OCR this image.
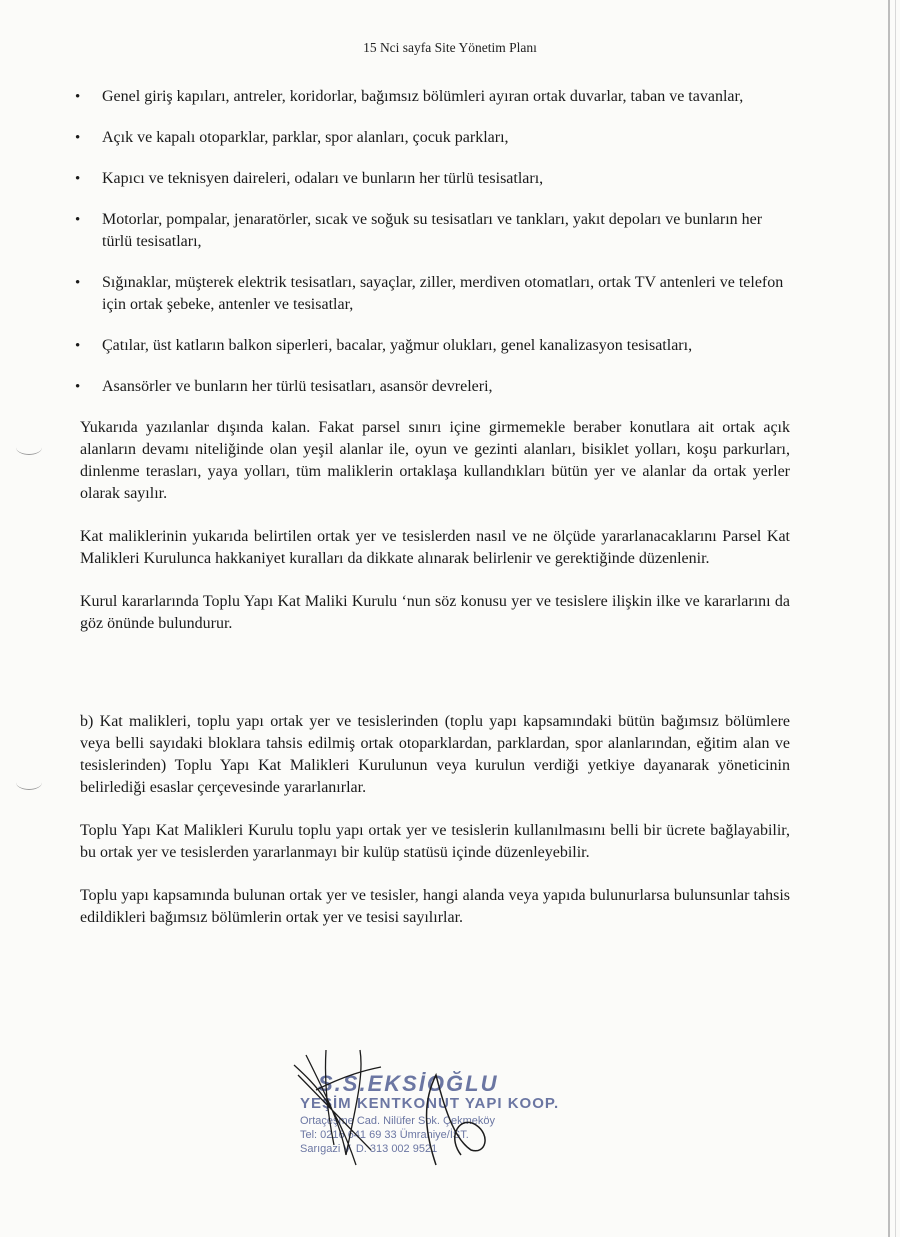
15 Nci sayfa Site Yönetim Planı
• Genel giriş kapıları, antreler, koridorlar, bağımsız bölümleri ayıran ortak duvarlar, taban ve tavanlar,
• Açık ve kapalı otoparklar, parklar, spor alanları, çocuk parkları,
• Kapıcı ve teknisyen daireleri, odaları ve bunların her türlü tesisatları,
• Motorlar, pompalar, jenaratörler, sıcak ve soğuk su tesisatları ve tankları, yakıt depoları ve bunların her türlü tesisatları,
• Sığınaklar, müşterek elektrik tesisatları, sayaçlar, ziller, merdiven otomatları, ortak TV antenleri ve telefon için ortak şebeke, antenler ve tesisatlar,
• Çatılar, üst katların balkon siperleri, bacalar, yağmur olukları, genel kanalizasyon tesisatları,
• Asansörler ve bunların her türlü tesisatları, asansör devreleri,

Yukarıda yazılanlar dışında kalan. Fakat parsel sınırı içine girmemekle beraber konutlara ait ortak açık alanların devamı niteliğinde olan yeşil alanlar ile, oyun ve gezinti alanları, bisiklet yolları, koşu parkurları, dinlenme terasları, yaya yolları, tüm maliklerin ortaklaşa kullandıkları bütün yer ve alanlar da ortak yerler olarak sayılır.

Kat maliklerinin yukarıda belirtilen ortak yer ve tesislerden nasıl ve ne ölçüde yararlanacaklarını Parsel Kat Malikleri Kurulunca hakkaniyet kuralları da dikkate alınarak belirlenir ve gerektiğinde düzenlenir.

Kurul kararlarında Toplu Yapı Kat Maliki Kurulu ‘nun söz konusu yer ve tesislere ilişkin ilke ve kararlarını da göz önünde bulundurur.

b) Kat malikleri, toplu yapı ortak yer ve tesislerinden (toplu yapı kapsamındaki bütün bağımsız bölümlere veya belli sayıdaki bloklara tahsis edilmiş ortak otoparklardan, parklardan, spor alanlarından, eğitim alan ve tesislerinden) Toplu Yapı Kat Malikleri Kurulunun veya kurulun verdiği yetkiye dayanarak yöneticinin belirlediği esaslar çerçevesinde yararlanırlar.

Toplu Yapı Kat Malikleri Kurulu toplu yapı ortak yer ve tesislerin kullanılmasını belli bir ücrete bağlayabilir, bu ortak yer ve tesislerden yararlanmayı bir kulüp statüsü içinde düzenleyebilir.

Toplu yapı kapsamında bulunan ortak yer ve tesisler, hangi alanda veya yapıda bulunurlarsa bulunsunlar tahsis edildikleri bağımsız bölümlerin ortak yer ve tesisi sayılırlar.

S.S.EKSİOĞLU
YEŞİM KENTKONUT YAPI KOOP.
Ortaçeşme Cad. Nilüfer Sok. Çekmeköy
Tel: 0216 641 69 33 Ümraniye/İST.
Sarıgazi V. D. 313 002 9521
